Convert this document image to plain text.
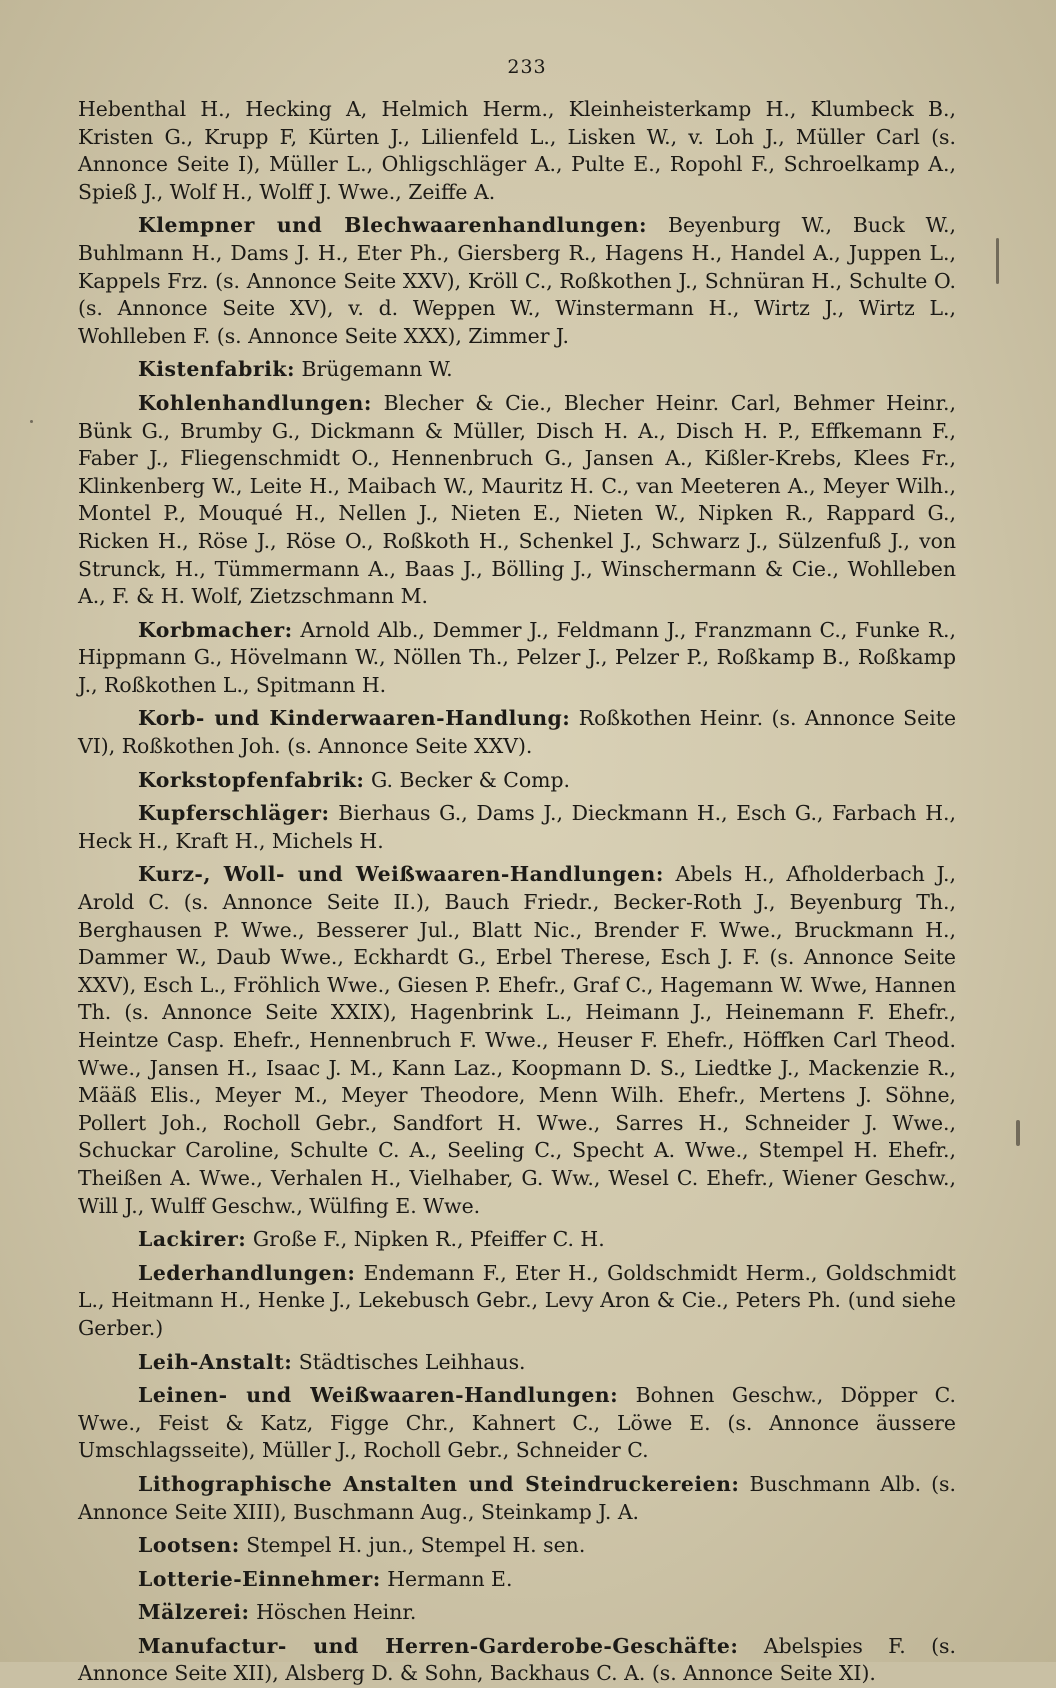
233

Hebenthal H., Hecking A, Helmich Herm., Kleinheisterkamp H., Klumbeck B., Kristen G., Krupp F, Kürten J., Lilienfeld L., Lisken W., v. Loh J., Müller Carl (s. Annonce Seite I), Müller L., Ohligschläger A., Pulte E., Ropohl F., Schroelkamp A., Spieß J., Wolf H., Wolff J. Wwe., Zeiffe A.

Klempner und Blechwaarenhandlungen: Beyenburg W., Buck W., Buhlmann H., Dams J. H., Eter Ph., Giersberg R., Hagens H., Handel A., Juppen L., Kappels Frz. (s. Annonce Seite XXV), Kröll C., Roßkothen J., Schnüran H., Schulte O. (s. Annonce Seite XV), v. d. Weppen W., Winstermann H., Wirtz J., Wirtz L., Wohlleben F. (s. Annonce Seite XXX), Zimmer J.

Kistenfabrik: Brügemann W.

Kohlenhandlungen: Blecher & Cie., Blecher Heinr. Carl, Behmer Heinr., Bünk G., Brumby G., Dickmann & Müller, Disch H. A., Disch H. P., Effkemann F., Faber J., Fliegenschmidt O., Hennenbruch G., Jansen A., Kißler-Krebs, Klees Fr., Klinkenberg W., Leite H., Maibach W., Mauritz H. C., van Meeteren A., Meyer Wilh., Montel P., Mouqué H., Nellen J., Nieten E., Nieten W., Nipken R., Rappard G., Ricken H., Röse J., Röse O., Roßkoth H., Schenkel J., Schwarz J., Sülzenfuß J., von Strunck, H., Tümmermann A., Baas J., Bölling J., Winschermann & Cie., Wohlleben A., F. & H. Wolf, Zietzschmann M.

Korbmacher: Arnold Alb., Demmer J., Feldmann J., Franzmann C., Funke R., Hippmann G., Hövelmann W., Nöllen Th., Pelzer J., Pelzer P., Roßkamp B., Roßkamp J., Roßkothen L., Spitmann H.

Korb- und Kinderwaaren-Handlung: Roßkothen Heinr. (s. Annonce Seite VI), Roßkothen Joh. (s. Annonce Seite XXV).

Korkstopfenfabrik: G. Becker & Comp.

Kupferschläger: Bierhaus G., Dams J., Dieckmann H., Esch G., Farbach H., Heck H., Kraft H., Michels H.

Kurz-, Woll- und Weißwaaren-Handlungen: Abels H., Afholderbach J., Arold C. (s. Annonce Seite II.), Bauch Friedr., Becker-Roth J., Beyenburg Th., Berghausen P. Wwe., Besserer Jul., Blatt Nic., Brender F. Wwe., Bruckmann H., Dammer W., Daub Wwe., Eckhardt G., Erbel Therese, Esch J. F. (s. Annonce Seite XXV), Esch L., Fröhlich Wwe., Giesen P. Ehefr., Graf C., Hagemann W. Wwe, Hannen Th. (s. Annonce Seite XXIX), Hagenbrink L., Heimann J., Heinemann F. Ehefr., Heintze Casp. Ehefr., Hennenbruch F. Wwe., Heuser F. Ehefr., Höffken Carl Theod. Wwe., Jansen H., Isaac J. M., Kann Laz., Koopmann D. S., Liedtke J., Mackenzie R., Määß Elis., Meyer M., Meyer Theodore, Menn Wilh. Ehefr., Mertens J. Söhne, Pollert Joh., Rocholl Gebr., Sandfort H. Wwe., Sarres H., Schneider J. Wwe., Schuckar Caroline, Schulte C. A., Seeling C., Specht A. Wwe., Stempel H. Ehefr., Theißen A. Wwe., Verhalen H., Vielhaber, G. Ww., Wesel C. Ehefr., Wiener Geschw., Will J., Wulff Geschw., Wülfing E. Wwe.

Lackirer: Große F., Nipken R., Pfeiffer C. H.

Lederhandlungen: Endemann F., Eter H., Goldschmidt Herm., Goldschmidt L., Heitmann H., Henke J., Lekebusch Gebr., Levy Aron & Cie., Peters Ph. (und siehe Gerber.)

Leih-Anstalt: Städtisches Leihhaus.

Leinen- und Weißwaaren-Handlungen: Bohnen Geschw., Döpper C. Wwe., Feist & Katz, Figge Chr., Kahnert C., Löwe E. (s. Annonce äussere Umschlagsseite), Müller J., Rocholl Gebr., Schneider C.

Lithographische Anstalten und Steindruckereien: Buschmann Alb. (s. Annonce Seite XIII), Buschmann Aug., Steinkamp J. A.

Lootsen: Stempel H. jun., Stempel H. sen.

Lotterie-Einnehmer: Hermann E.

Mälzerei: Höschen Heinr.

Manufactur- und Herren-Garderobe-Geschäfte: Abelspies F. (s. Annonce Seite XII), Alsberg D. & Sohn, Backhaus C. A. (s. Annonce Seite XI).
